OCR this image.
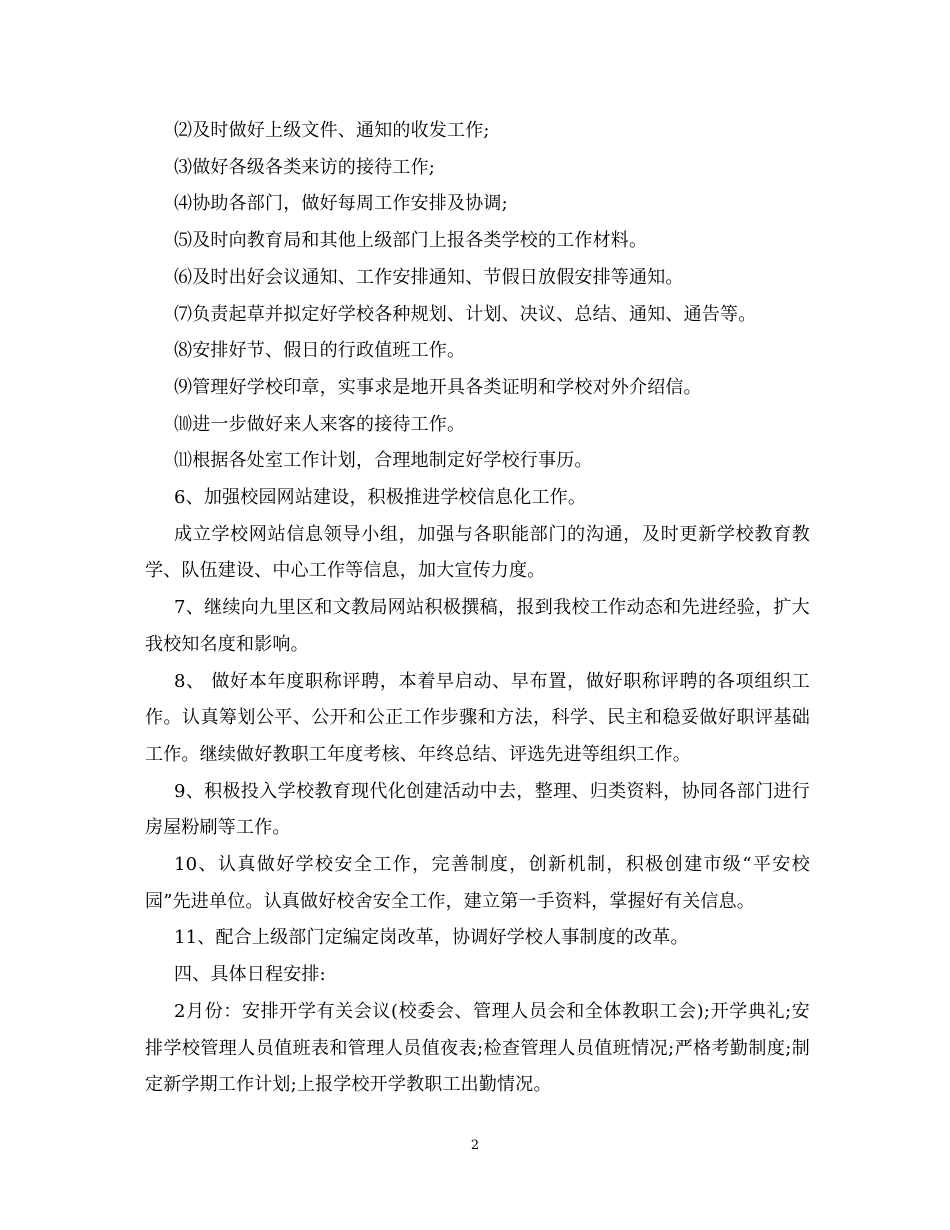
⑵及时做好上级文件、通知的收发工作;

⑶做好各级各类来访的接待工作;

⑷协助各部门，做好每周工作安排及协调;

⑸及时向教育局和其他上级部门上报各类学校的工作材料。

⑹及时出好会议通知、工作安排通知、节假日放假安排等通知。

⑺负责起草并拟定好学校各种规划、计划、决议、总结、通知、通告等。

⑻安排好节、假日的行政值班工作。

⑼管理好学校印章，实事求是地开具各类证明和学校对外介绍信。

⑽进一步做好来人来客的接待工作。

⑾根据各处室工作计划，合理地制定好学校行事历。

6、加强校园网站建设，积极推进学校信息化工作。

成立学校网站信息领导小组，加强与各职能部门的沟通，及时更新学校教育教学、队伍建设、中心工作等信息，加大宣传力度。

7、继续向九里区和文教局网站积极撰稿，报到我校工作动态和先进经验，扩大我校知名度和影响。

8、 做好本年度职称评聘，本着早启动、早布置，做好职称评聘的各项组织工作。认真筹划公平、公开和公正工作步骤和方法，科学、民主和稳妥做好职评基础工作。继续做好教职工年度考核、年终总结、评选先进等组织工作。

9、积极投入学校教育现代化创建活动中去，整理、归类资料，协同各部门进行房屋粉刷等工作。

10、认真做好学校安全工作，完善制度，创新机制，积极创建市级“平安校园”先进单位。认真做好校舍安全工作，建立第一手资料，掌握好有关信息。

11、配合上级部门定编定岗改革，协调好学校人事制度的改革。

四、具体日程安排:

2月份：安排开学有关会议(校委会、管理人员会和全体教职工会);开学典礼;安排学校管理人员值班表和管理人员值夜表;检查管理人员值班情况;严格考勤制度;制定新学期工作计划;上报学校开学教职工出勤情况。

2
